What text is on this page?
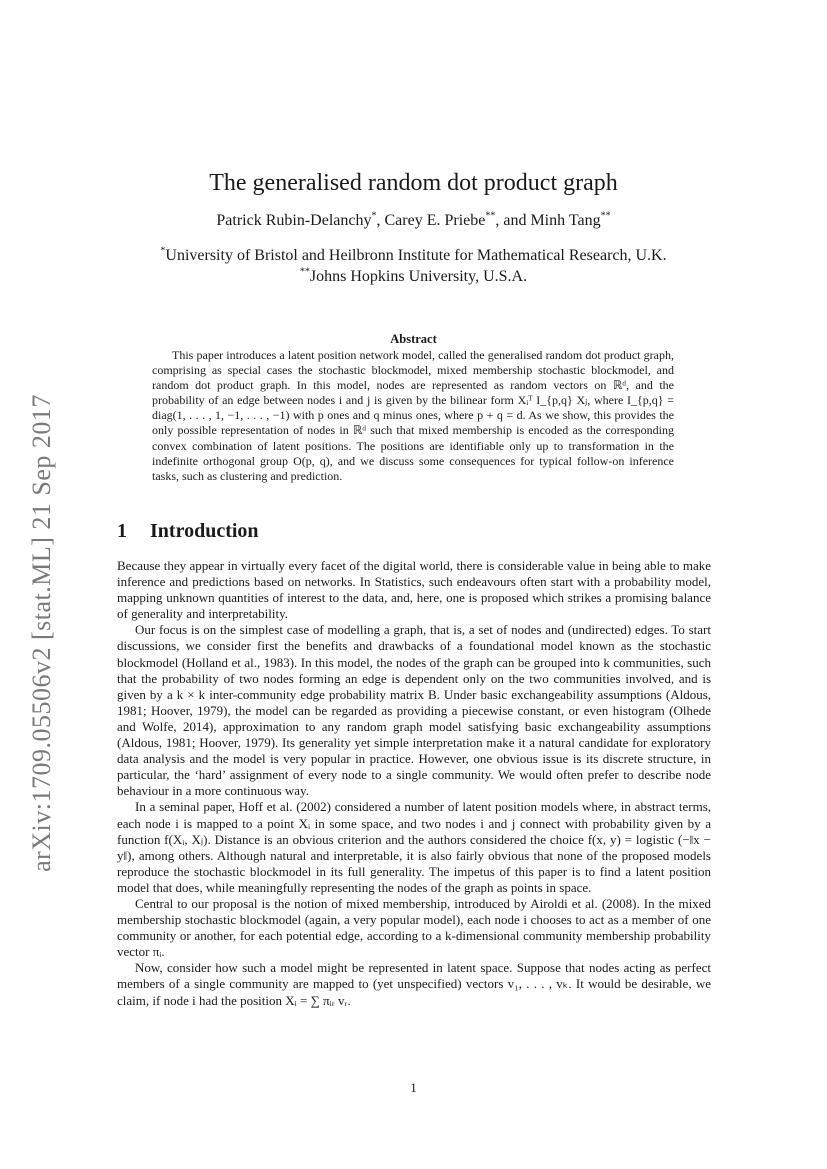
arXiv:1709.05506v2 [stat.ML] 21 Sep 2017
The generalised random dot product graph
Patrick Rubin-Delanchy*, Carey E. Priebe**, and Minh Tang**
*University of Bristol and Heilbronn Institute for Mathematical Research, U.K.
**Johns Hopkins University, U.S.A.
Abstract

This paper introduces a latent position network model, called the generalised random dot product graph, comprising as special cases the stochastic blockmodel, mixed membership stochastic blockmodel, and random dot product graph. In this model, nodes are represented as random vectors on ℝᵈ, and the probability of an edge between nodes i and j is given by the bilinear form Xᵢᵀ I_{p,q} Xⱼ, where I_{p,q} = diag(1, . . . , 1, −1, . . . , −1) with p ones and q minus ones, where p + q = d. As we show, this provides the only possible representation of nodes in ℝᵈ such that mixed membership is encoded as the corresponding convex combination of latent positions. The positions are identifiable only up to transformation in the indefinite orthogonal group O(p, q), and we discuss some consequences for typical follow-on inference tasks, such as clustering and prediction.

1 Introduction

Because they appear in virtually every facet of the digital world, there is considerable value in being able to make inference and predictions based on networks. In Statistics, such endeavours often start with a probability model, mapping unknown quantities of interest to the data, and, here, one is proposed which strikes a promising balance of generality and interpretability.

Our focus is on the simplest case of modelling a graph, that is, a set of nodes and (undirected) edges. To start discussions, we consider first the benefits and drawbacks of a foundational model known as the stochastic blockmodel (Holland et al., 1983). In this model, the nodes of the graph can be grouped into k communities, such that the probability of two nodes forming an edge is dependent only on the two communities involved, and is given by a k × k inter-community edge probability matrix B. Under basic exchangeability assumptions (Aldous, 1981; Hoover, 1979), the model can be regarded as providing a piecewise constant, or even histogram (Olhede and Wolfe, 2014), approximation to any random graph model satisfying basic exchangeability assumptions (Aldous, 1981; Hoover, 1979). Its generality yet simple interpretation make it a natural candidate for exploratory data analysis and the model is very popular in practice. However, one obvious issue is its discrete structure, in particular, the ‘hard’ assignment of every node to a single community. We would often prefer to describe node behaviour in a more continuous way.

In a seminal paper, Hoff et al. (2002) considered a number of latent position models where, in abstract terms, each node i is mapped to a point Xᵢ in some space, and two nodes i and j connect with probability given by a function f(Xᵢ, Xⱼ). Distance is an obvious criterion and the authors considered the choice f(x, y) = logistic (−‖x − y‖), among others. Although natural and interpretable, it is also fairly obvious that none of the proposed models reproduce the stochastic blockmodel in its full generality. The impetus of this paper is to find a latent position model that does, while meaningfully representing the nodes of the graph as points in space.

Central to our proposal is the notion of mixed membership, introduced by Airoldi et al. (2008). In the mixed membership stochastic blockmodel (again, a very popular model), each node i chooses to act as a member of one community or another, for each potential edge, according to a k-dimensional community membership probability vector πᵢ.

Now, consider how such a model might be represented in latent space. Suppose that nodes acting as perfect members of a single community are mapped to (yet unspecified) vectors v₁, . . . , vₖ. It would be desirable, we claim, if node i had the position Xᵢ = ∑ πᵢᵣ vᵣ.

1
